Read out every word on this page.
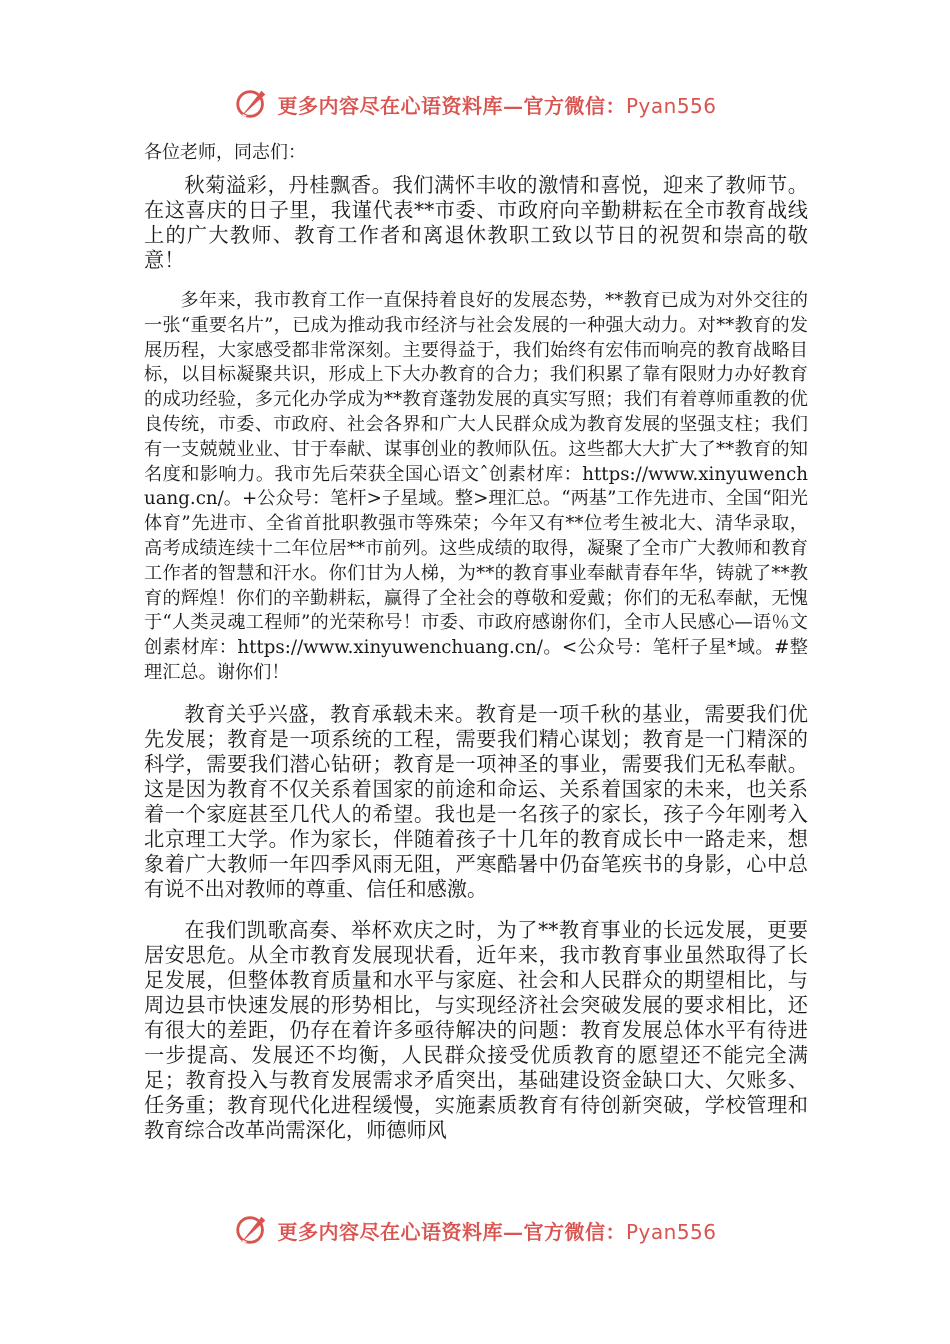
更多内容尽在心语资料库—官方微信：Pyan556

各位老师，同志们：

秋菊溢彩，丹桂飘香。我们满怀丰收的激情和喜悦，迎来了教师节。在这喜庆的日子里，我谨代表**市委、市政府向辛勤耕耘在全市教育战线上的广大教师、教育工作者和离退休教职工致以节日的祝贺和崇高的敬意！

多年来，我市教育工作一直保持着良好的发展态势，**教育已成为对外交往的一张“重要名片”，已成为推动我市经济与社会发展的一种强大动力。对**教育的发展历程，大家感受都非常深刻。主要得益于，我们始终有宏伟而响亮的教育战略目标，以目标凝聚共识，形成上下大办教育的合力；我们积累了靠有限财力办好教育的成功经验，多元化办学成为**教育蓬勃发展的真实写照；我们有着尊师重教的优良传统，市委、市政府、社会各界和广大人民群众成为教育发展的坚强支柱；我们有一支兢兢业业、甘于奉献、谋事创业的教师队伍。这些都大大扩大了**教育的知名度和影响力。我市先后荣获全国心语文ˆ创素材库：https://www.xinyuwenchuang.cn/。+公众号：笔杆>子星域。整>理汇总。“两基”工作先进市、全国“阳光体育”先进市、全省首批职教强市等殊荣；今年又有**位考生被北大、清华录取，高考成绩连续十二年位居**市前列。这些成绩的取得，凝聚了全市广大教师和教育工作者的智慧和汗水。你们甘为人梯，为**的教育事业奉献青春年华，铸就了**教育的辉煌！你们的辛勤耕耘，赢得了全社会的尊敬和爱戴；你们的无私奉献，无愧于“人类灵魂工程师”的光荣称号！市委、市政府感谢你们，全市人民感心—语％文创素材库：https://www.xinyuwenchuang.cn/。<公众号：笔杆子星*域。#整理汇总。谢你们！

教育关乎兴盛，教育承载未来。教育是一项千秋的基业，需要我们优先发展；教育是一项系统的工程，需要我们精心谋划；教育是一门精深的科学，需要我们潜心钻研；教育是一项神圣的事业，需要我们无私奉献。这是因为教育不仅关系着国家的前途和命运、关系着国家的未来，也关系着一个家庭甚至几代人的希望。我也是一名孩子的家长，孩子今年刚考入北京理工大学。作为家长，伴随着孩子十几年的教育成长中一路走来，想象着广大教师一年四季风雨无阻，严寒酷暑中仍奋笔疾书的身影，心中总有说不出对教师的尊重、信任和感激。

在我们凯歌高奏、举杯欢庆之时，为了**教育事业的长远发展，更要居安思危。从全市教育发展现状看，近年来，我市教育事业虽然取得了长足发展，但整体教育质量和水平与家庭、社会和人民群众的期望相比，与周边县市快速发展的形势相比，与实现经济社会突破发展的要求相比，还有很大的差距，仍存在着许多亟待解决的问题：教育发展总体水平有待进一步提高、发展还不均衡，人民群众接受优质教育的愿望还不能完全满足；教育投入与教育发展需求矛盾突出，基础建设资金缺口大、欠账多、任务重；教育现代化进程缓慢，实施素质教育有待创新突破，学校管理和教育综合改革尚需深化，师德师风

更多内容尽在心语资料库—官方微信：Pyan556
